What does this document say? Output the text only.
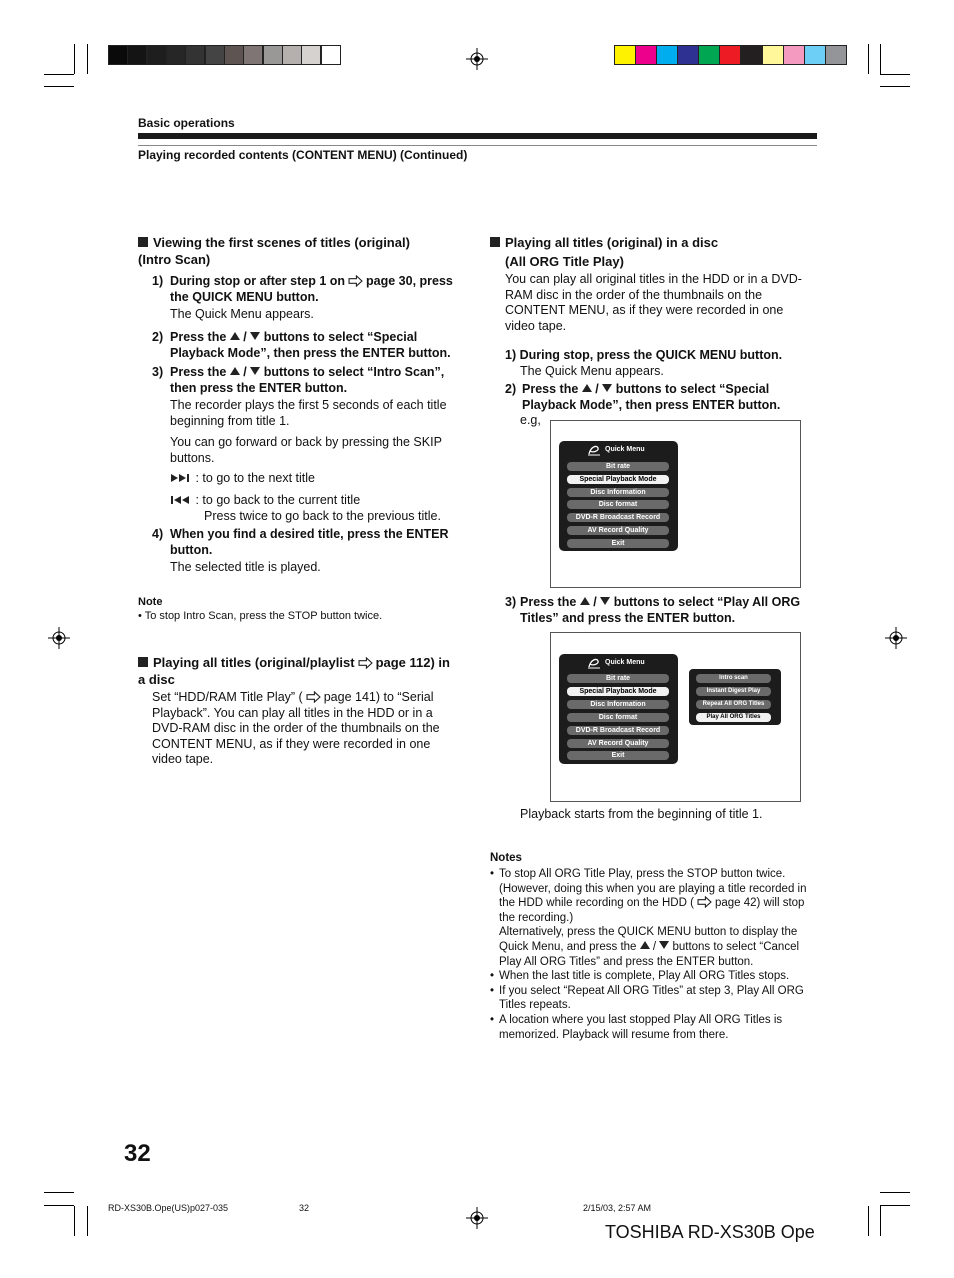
Basic operations
Playing recorded contents (CONTENT MENU) (Continued)
Viewing the first scenes of titles (original) (Intro Scan)
1) During stop or after step 1 on page 30, press the QUICK MENU button.
The Quick Menu appears.
2) Press the / buttons to select “Special Playback Mode”, then press the ENTER button.
3) Press the / buttons to select “Intro Scan”, then press the ENTER button.
The recorder plays the first 5 seconds of each title beginning from title 1.
You can go forward or back by pressing the SKIP buttons.
: to go to the next title
: to go back to the current title
Press twice to go back to the previous title.
4) When you find a desired title, press the ENTER button.
The selected title is played.
Note
• To stop Intro Scan, press the STOP button twice.
Playing all titles (original/playlist page 112) in a disc
Set “HDD/RAM Title Play” ( page 141) to “Serial Playback”. You can play all titles in the HDD or in a DVD-RAM disc in the order of the thumbnails on the CONTENT MENU, as if they were recorded in one video tape.
Playing all titles (original) in a disc
(All ORG Title Play)
You can play all original titles in the HDD or in a DVD-RAM disc in the order of the thumbnails on the CONTENT MENU, as if they were recorded in one video tape.
1) During stop, press the QUICK MENU button.
The Quick Menu appears.
2) Press the / buttons to select “Special Playback Mode”, then press ENTER button.
e.g,
Quick Menu
Bit rate
Special Playback Mode
Disc Information
Disc format
DVD-R Broadcast Record
AV Record Quality
Exit
3) Press the / buttons to select “Play All ORG Titles” and press the ENTER button.
Quick Menu
Bit rate
Special Playback Mode
Disc Information
Disc format
DVD-R Broadcast Record
AV Record Quality
Exit
Intro scan
Instant Digest Play
Repeat All ORG Titles
Play All ORG Titles
Playback starts from the beginning of title 1.
Notes
• To stop All ORG Title Play, press the STOP button twice. (However, doing this when you are playing a title recorded in the HDD while recording on the HDD ( page 42) will stop the recording.)
Alternatively, press the QUICK MENU button to display the Quick Menu, and press the / buttons to select “Cancel Play All ORG Titles” and press the ENTER button.
• When the last title is complete, Play All ORG Titles stops.
• If you select “Repeat All ORG Titles” at step 3, Play All ORG Titles repeats.
• A location where you last stopped Play All ORG Titles is memorized. Playback will resume from there.
32
RD-XS30B.Ope(US)p027-035	32	2/15/03, 2:57 AM
TOSHIBA RD-XS30B Ope
